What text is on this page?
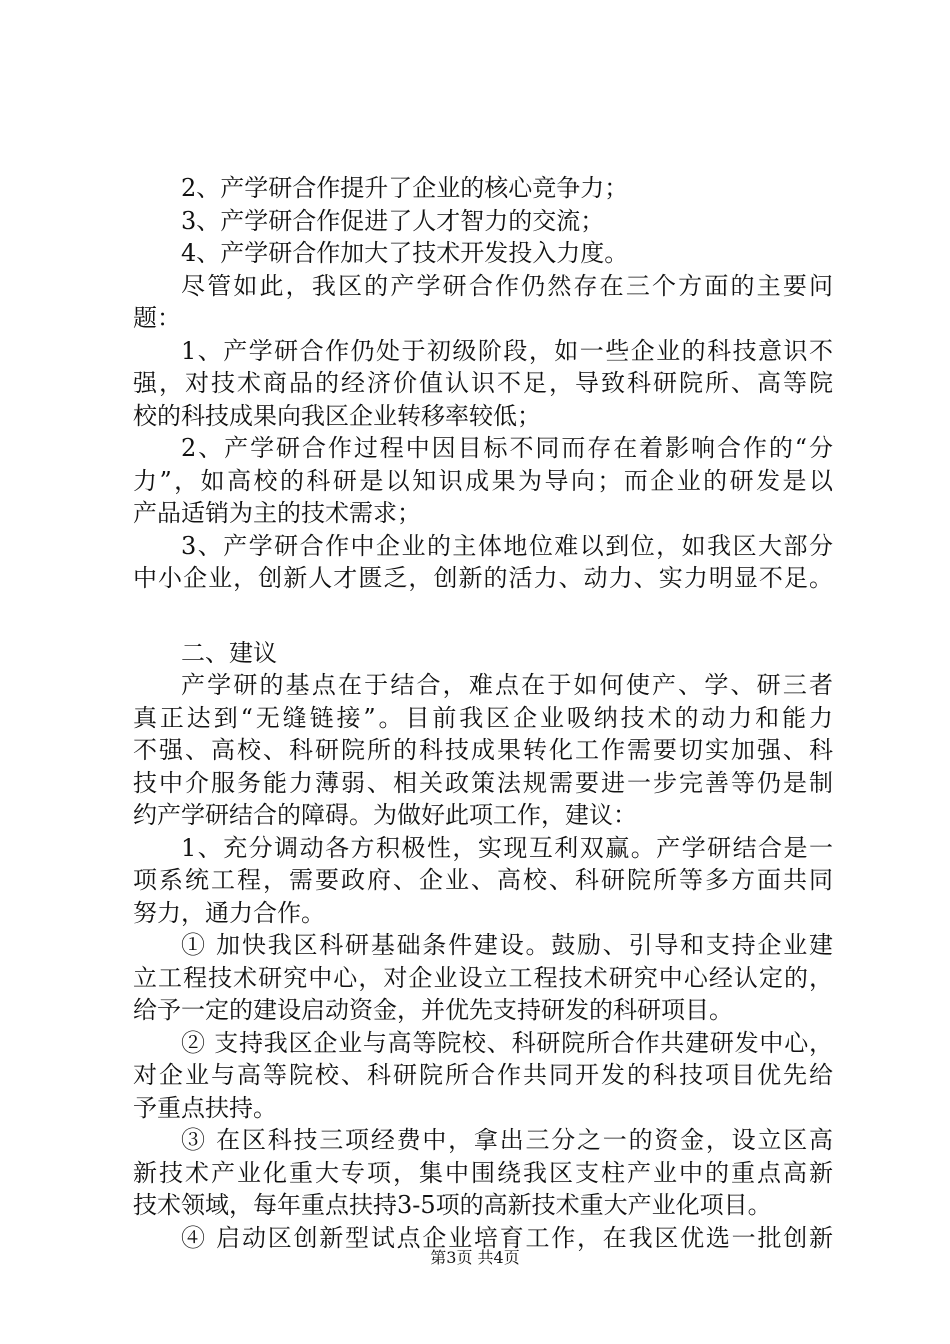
2、产学研合作提升了企业的核心竞争力；
3、产学研合作促进了人才智力的交流；
4、产学研合作加大了技术开发投入力度。
尽管如此，我区的产学研合作仍然存在三个方面的主要问
题：
1、产学研合作仍处于初级阶段，如一些企业的科技意识不
强，对技术商品的经济价值认识不足，导致科研院所、高等院
校的科技成果向我区企业转移率较低；
2、产学研合作过程中因目标不同而存在着影响合作的“分
力”，如高校的科研是以知识成果为导向；而企业的研发是以
产品适销为主的技术需求；
3、产学研合作中企业的主体地位难以到位，如我区大部分
中小企业，创新人才匮乏，创新的活力、动力、实力明显不足。
二、建议
产学研的基点在于结合，难点在于如何使产、学、研三者
真正达到“无缝链接”。目前我区企业吸纳技术的动力和能力
不强、高校、科研院所的科技成果转化工作需要切实加强、科
技中介服务能力薄弱、相关政策法规需要进一步完善等仍是制
约产学研结合的障碍。为做好此项工作，建议：
1、充分调动各方积极性，实现互利双赢。产学研结合是一
项系统工程，需要政府、企业、高校、科研院所等多方面共同
努力，通力合作。
① 加快我区科研基础条件建设。鼓励、引导和支持企业建
立工程技术研究中心，对企业设立工程技术研究中心经认定的，
给予一定的建设启动资金，并优先支持研发的科研项目。
② 支持我区企业与高等院校、科研院所合作共建研发中心，
对企业与高等院校、科研院所合作共同开发的科技项目优先给
予重点扶持。
③ 在区科技三项经费中，拿出三分之一的资金，设立区高
新技术产业化重大专项，集中围绕我区支柱产业中的重点高新
技术领域，每年重点扶持3-5项的高新技术重大产业化项目。
④ 启动区创新型试点企业培育工作，在我区优选一批创新
第3页 共4页
